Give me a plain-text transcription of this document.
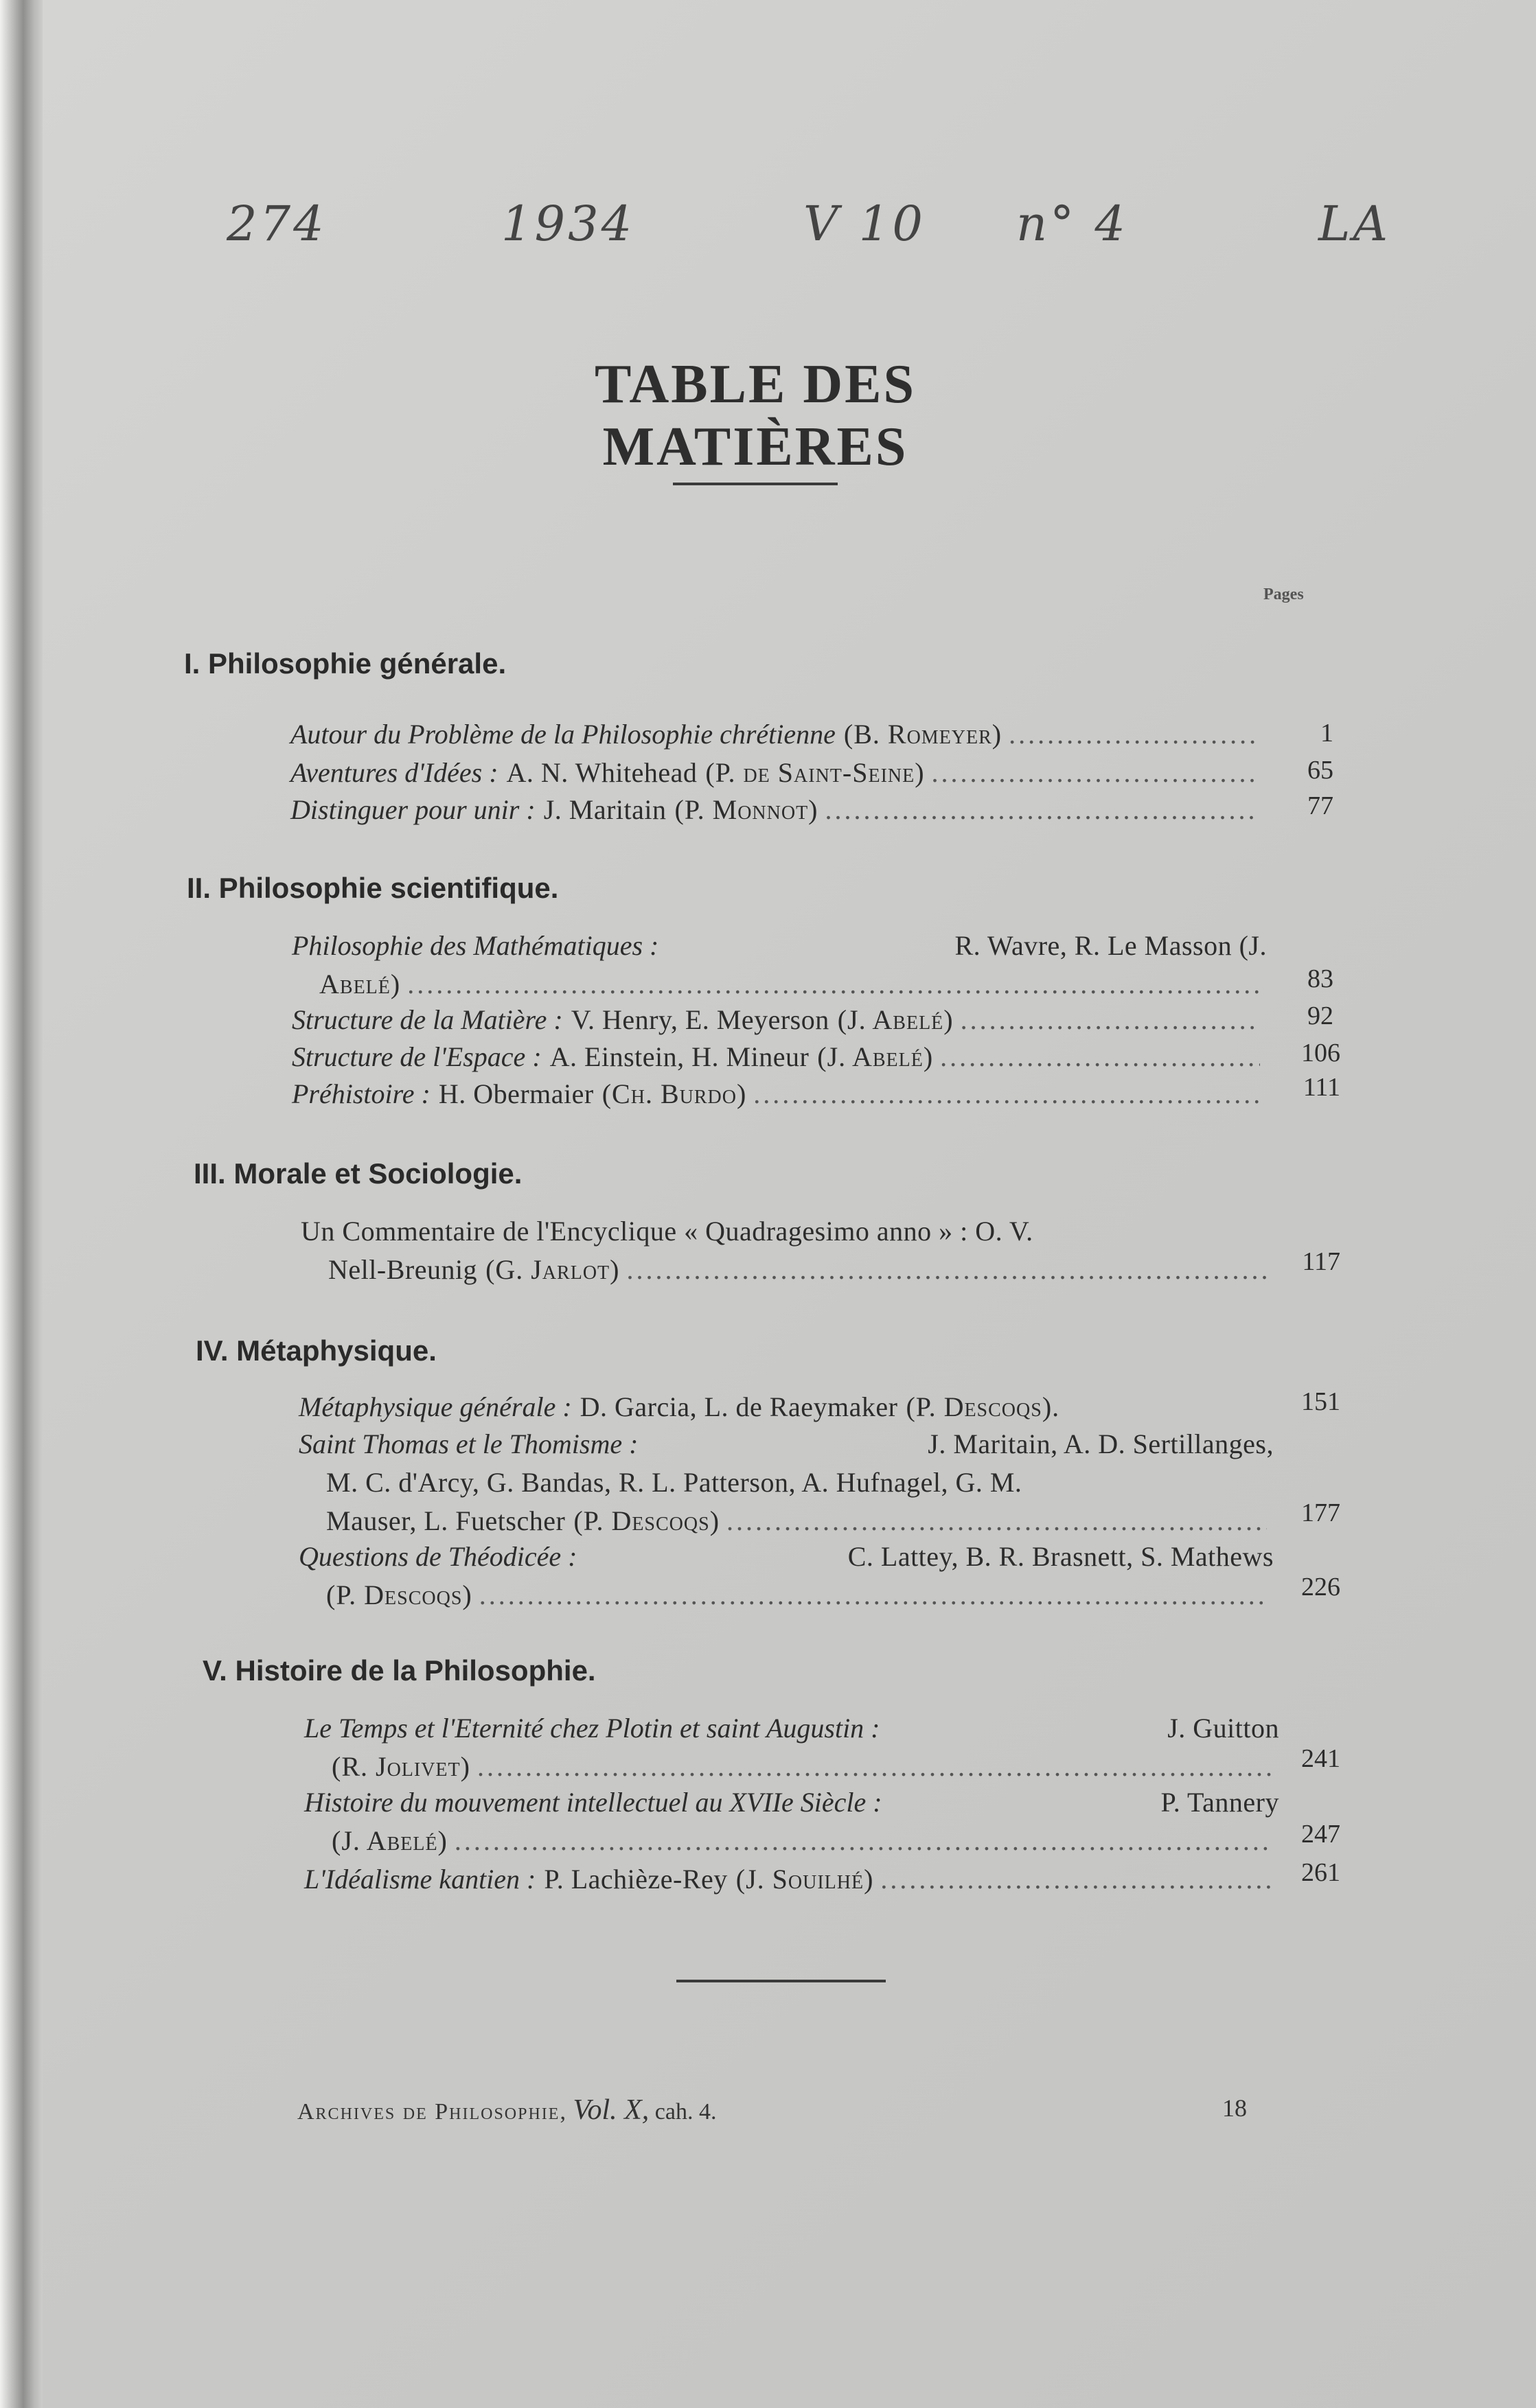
274	1934	V 10 n° 4	LA
TABLE DES MATIÈRES
Pages
I. Philosophie générale.
Autour du Problème de la Philosophie chrétienne (B. Romeyer) .....	1
Aventures d'Idées : A. N. Whitehead (P. de Saint-Seine) .....	65
Distinguer pour unir : J. Maritain (P. Monnot) .....	77
II. Philosophie scientifique.
Philosophie des Mathématiques :	R. Wavre, R. Le Masson (J.
Abelé) .....	83
Structure de la Matière : V. Henry, E. Meyerson (J. Abelé) .....	92
Structure de l'Espace : A. Einstein, H. Mineur (J. Abelé) .....	106
Préhistoire : H. Obermaier (Ch. Burdo) .....	111
III. Morale et Sociologie.
Un Commentaire de l'Encyclique « Quadragesimo anno » : O. V.
Nell-Breunig (G. Jarlot) .....	117
IV. Métaphysique.
Métaphysique générale : D. Garcia, L. de Raeymaker (P. Descoqs).	151
Saint Thomas et le Thomisme :	J. Maritain, A. D. Sertillanges,
M. C. d'Arcy, G. Bandas, R. L. Patterson, A. Hufnagel, G. M.
Mauser, L. Fuetscher (P. Descoqs) .....	177
Questions de Théodicée :	C. Lattey, B. R. Brasnett, S. Mathews
(P. Descoqs) .....	226
V. Histoire de la Philosophie.
Le Temps et l'Eternité chez Plotin et saint Augustin :	J. Guitton
(R. Jolivet) .....	241
Histoire du mouvement intellectuel au XVIIe Siècle :	P. Tannery
(J. Abelé) .....	247
L'Idéalisme kantien : P. Lachièze-Rey (J. Souilhé) .....	261
Archives de Philosophie, Vol. X, cah. 4.	18
